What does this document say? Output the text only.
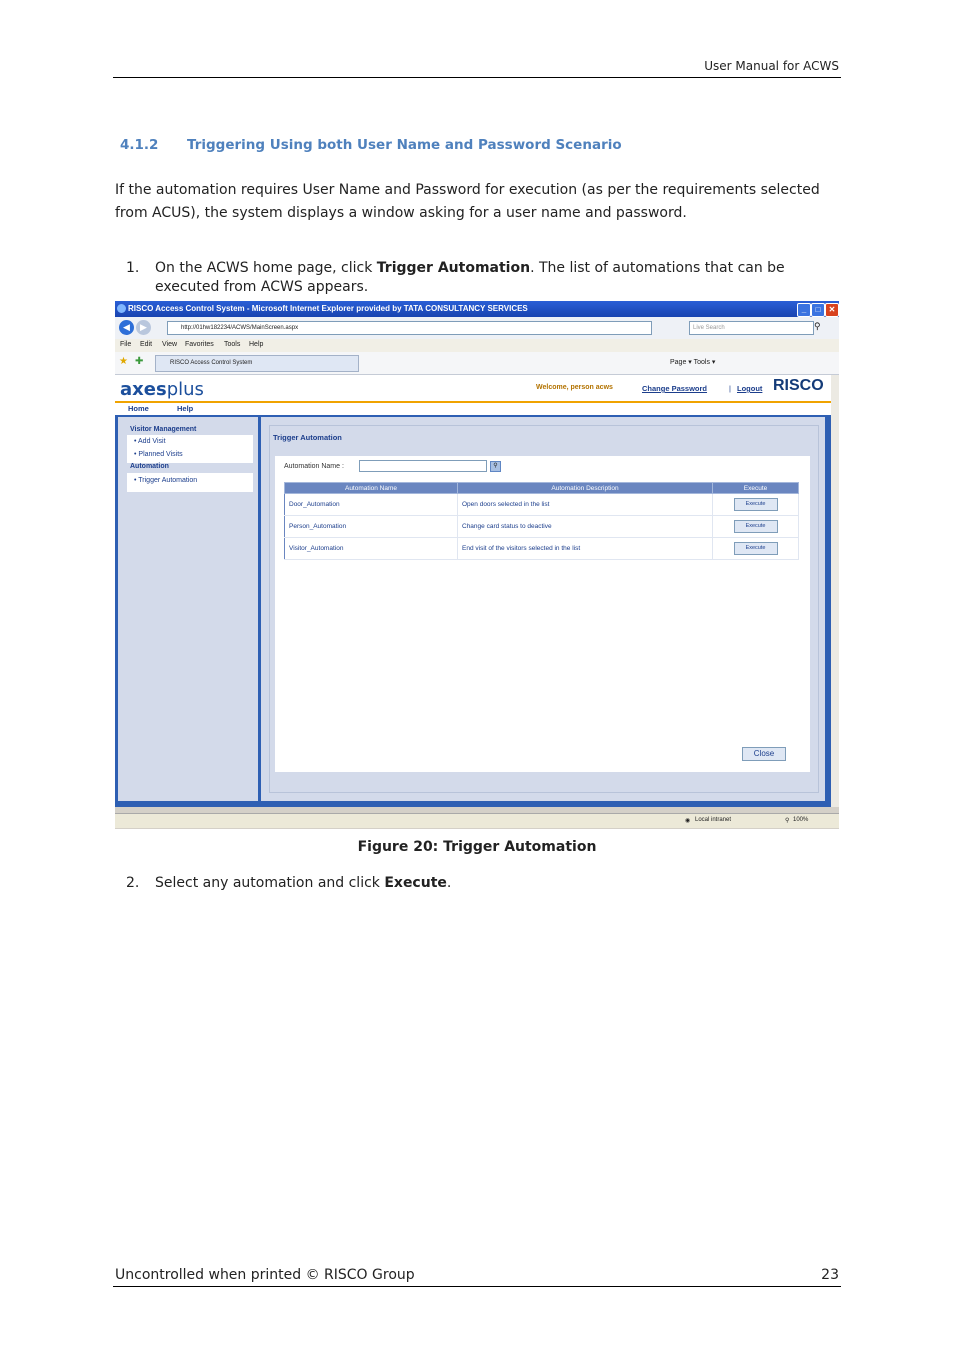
User Manual for ACWS
4.1.2 Triggering Using both User Name and Password Scenario
If the automation requires User Name and Password for execution (as per the requirements selected from ACUS), the system displays a window asking for a user name and password.
1. On the ACWS home page, click Trigger Automation. The list of automations that can be executed from ACWS appears.
RISCO Access Control System - Microsoft Internet Explorer provided by TATA CONSULTANCY SERVICES	_	□	✕
◀	▶	http://01hw182234/ACWS/MainScreen.aspx	Live Search	⚲
File Edit View Favorites Tools Help
★ ✚	RISCO Access Control System	Page ▾ Tools ▾
axesplus	Welcome, person acws	Change Password	| Logout RISCO
Home	Help
Visitor Management
• Add Visit
• Planned Visits
Automation
• Trigger Automation
Trigger Automation
Automation Name :	⚲
Automation Name	Automation Description	Execute
Door_Automation	Open doors selected in the list	Execute
Person_Automation	Change card status to deactive	Execute
Visitor_Automation	End visit of the visitors selected in the list	Execute
Close
◉ Local intranet	⚲ 100%
Figure 20: Trigger Automation
2. Select any automation and click Execute.
Uncontrolled when printed © RISCO Group	23
